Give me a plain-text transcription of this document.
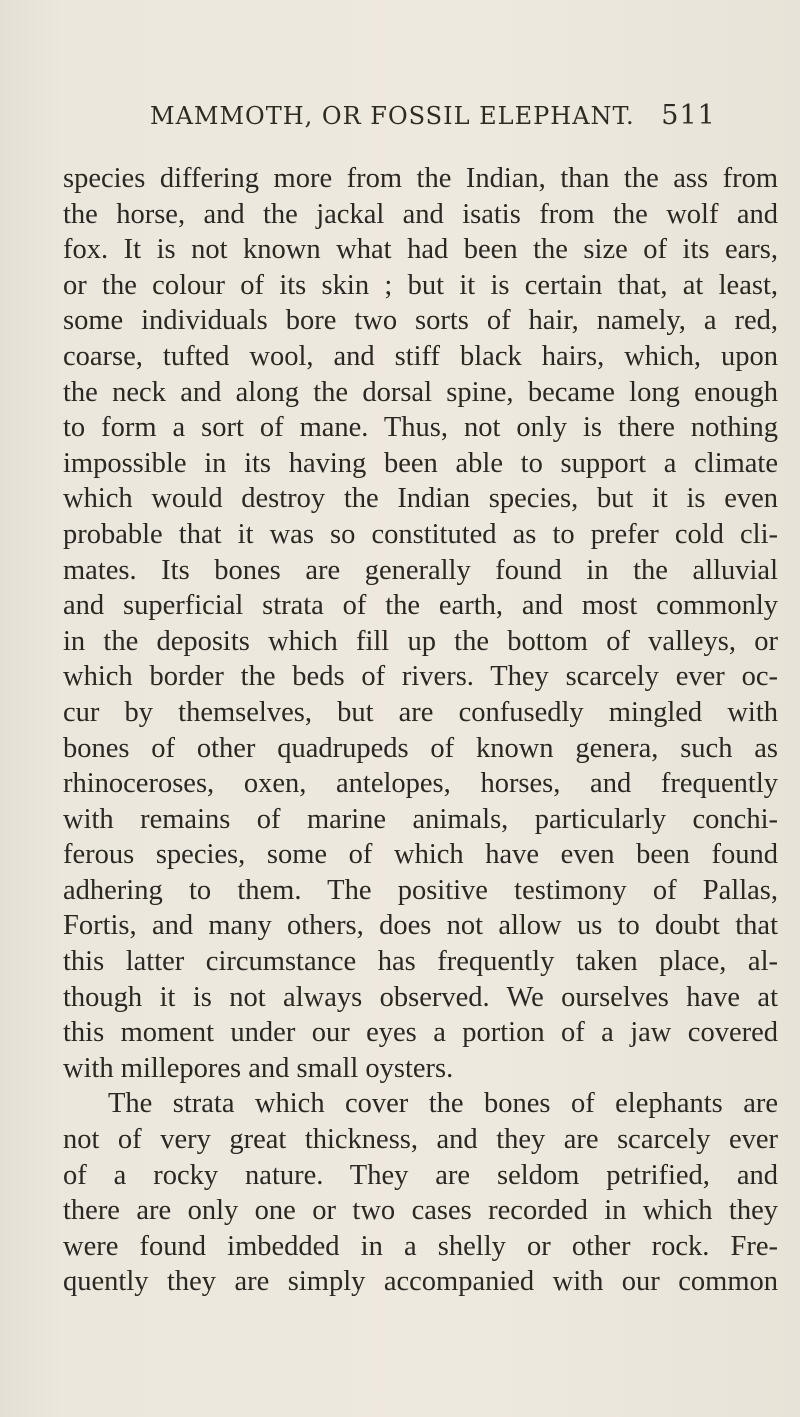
MAMMOTH, OR FOSSIL ELEPHANT. 511
species differing more from the Indian, than the ass from
the horse, and the jackal and isatis from the wolf and
fox. It is not known what had been the size of its ears,
or the colour of its skin ; but it is certain that, at least,
some individuals bore two sorts of hair, namely, a red,
coarse, tufted wool, and stiff black hairs, which, upon
the neck and along the dorsal spine, became long enough
to form a sort of mane. Thus, not only is there nothing
impossible in its having been able to support a climate
which would destroy the Indian species, but it is even
probable that it was so constituted as to prefer cold cli-
mates. Its bones are generally found in the alluvial
and superficial strata of the earth, and most commonly
in the deposits which fill up the bottom of valleys, or
which border the beds of rivers. They scarcely ever oc-
cur by themselves, but are confusedly mingled with
bones of other quadrupeds of known genera, such as
rhinoceroses, oxen, antelopes, horses, and frequently
with remains of marine animals, particularly conchi-
ferous species, some of which have even been found
adhering to them. The positive testimony of Pallas,
Fortis, and many others, does not allow us to doubt that
this latter circumstance has frequently taken place, al-
though it is not always observed. We ourselves have at
this moment under our eyes a portion of a jaw covered
with millepores and small oysters.
The strata which cover the bones of elephants are
not of very great thickness, and they are scarcely ever
of a rocky nature. They are seldom petrified, and
there are only one or two cases recorded in which they
were found imbedded in a shelly or other rock. Fre-
quently they are simply accompanied with our common
